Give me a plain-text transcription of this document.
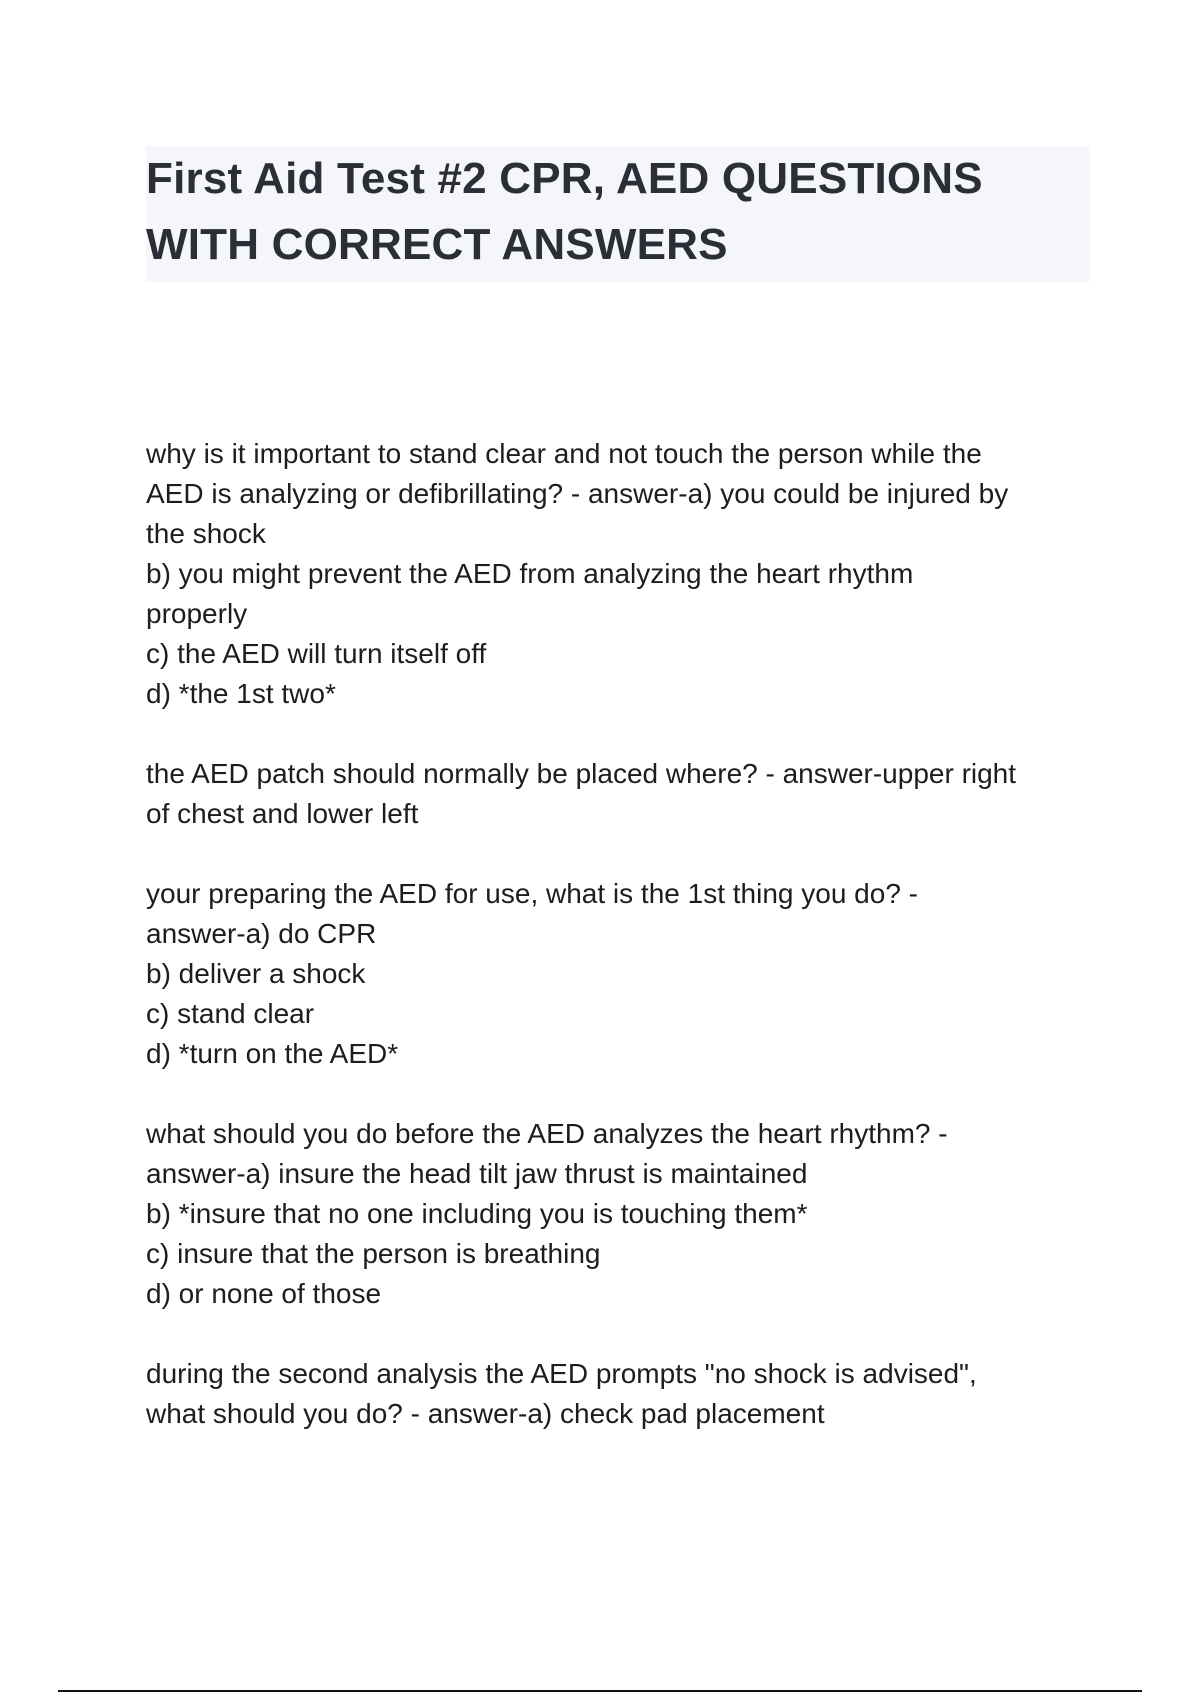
First Aid Test #2 CPR, AED QUESTIONS
WITH CORRECT ANSWERS
why is it important to stand clear and not touch the person while the
AED is analyzing or defibrillating? - answer-a) you could be injured by
the shock
b) you might prevent the AED from analyzing the heart rhythm
properly
c) the AED will turn itself off
d) *the 1st two*
the AED patch should normally be placed where? - answer-upper right
of chest and lower left
your preparing the AED for use, what is the 1st thing you do? -
answer-a) do CPR
b) deliver a shock
c) stand clear
d) *turn on the AED*
what should you do before the AED analyzes the heart rhythm? -
answer-a) insure the head tilt jaw thrust is maintained
b) *insure that no one including you is touching them*
c) insure that the person is breathing
d) or none of those
during the second analysis the AED prompts "no shock is advised",
what should you do? - answer-a) check pad placement
